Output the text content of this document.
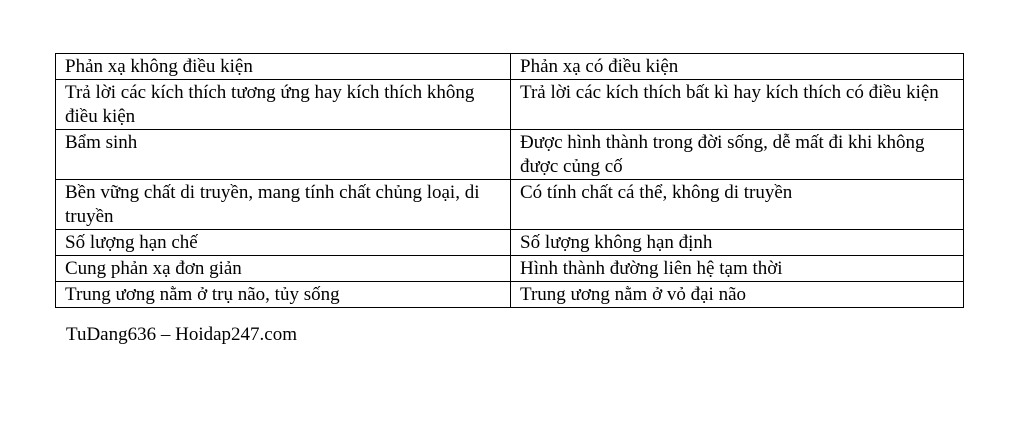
Phản xạ không điều kiện	Phản xạ có điều kiện
Trả lời các kích thích tương ứng hay kích thích không điều kiện	Trả lời các kích thích bất kì hay kích thích có điều kiện
Bẩm sinh	Được hình thành trong đời sống, dễ mất đi khi không được củng cố
Bền vững chất di truyền, mang tính chất chủng loại, di truyền	Có tính chất cá thể, không di truyền
Số lượng hạn chế	Số lượng không hạn định
Cung phản xạ đơn giản	Hình thành đường liên hệ tạm thời
Trung ương nằm ở trụ não, tủy sống	Trung ương nằm ở vỏ đại não
TuDang636 – Hoidap247.com
